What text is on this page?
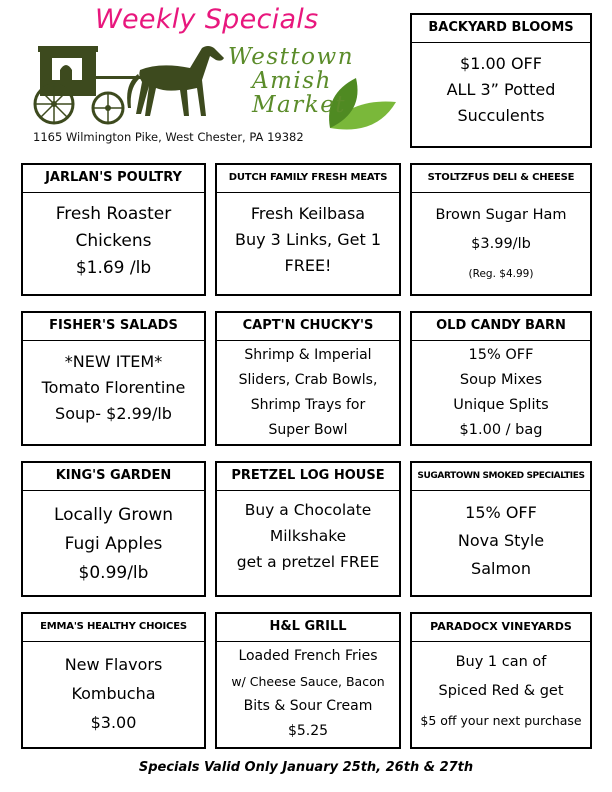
Weekly Specials
Westtown
Amish
Market
1165 Wilmington Pike, West Chester, PA 19382
BACKYARD BLOOMS
$1.00 OFF
ALL 3” Potted
Succulents
JARLAN'S POULTRY
Fresh Roaster
Chickens
$1.69 /lb
DUTCH FAMILY FRESH MEATS
Fresh Keilbasa
Buy 3 Links, Get 1
FREE!
STOLTZFUS DELI & CHEESE
Brown Sugar Ham
$3.99/lb
(Reg. $4.99)
FISHER'S SALADS
*NEW ITEM*
Tomato Florentine
Soup- $2.99/lb
CAPT'N CHUCKY'S
Shrimp & Imperial
Sliders, Crab Bowls,
Shrimp Trays for
Super Bowl
OLD CANDY BARN
15% OFF
Soup Mixes
Unique Splits
$1.00 / bag
KING'S GARDEN
Locally Grown
Fugi Apples
$0.99/lb
PRETZEL LOG HOUSE
Buy a Chocolate
Milkshake
get a pretzel FREE
SUGARTOWN SMOKED SPECIALTIES
15% OFF
Nova Style
Salmon
EMMA'S HEALTHY CHOICES
New Flavors
Kombucha
$3.00
H&L GRILL
Loaded French Fries
w/ Cheese Sauce, Bacon
Bits & Sour Cream
$5.25
PARADOCX VINEYARDS
Buy 1 can of
Spiced Red & get
$5 off your next purchase
Specials Valid Only January 25th, 26th & 27th
